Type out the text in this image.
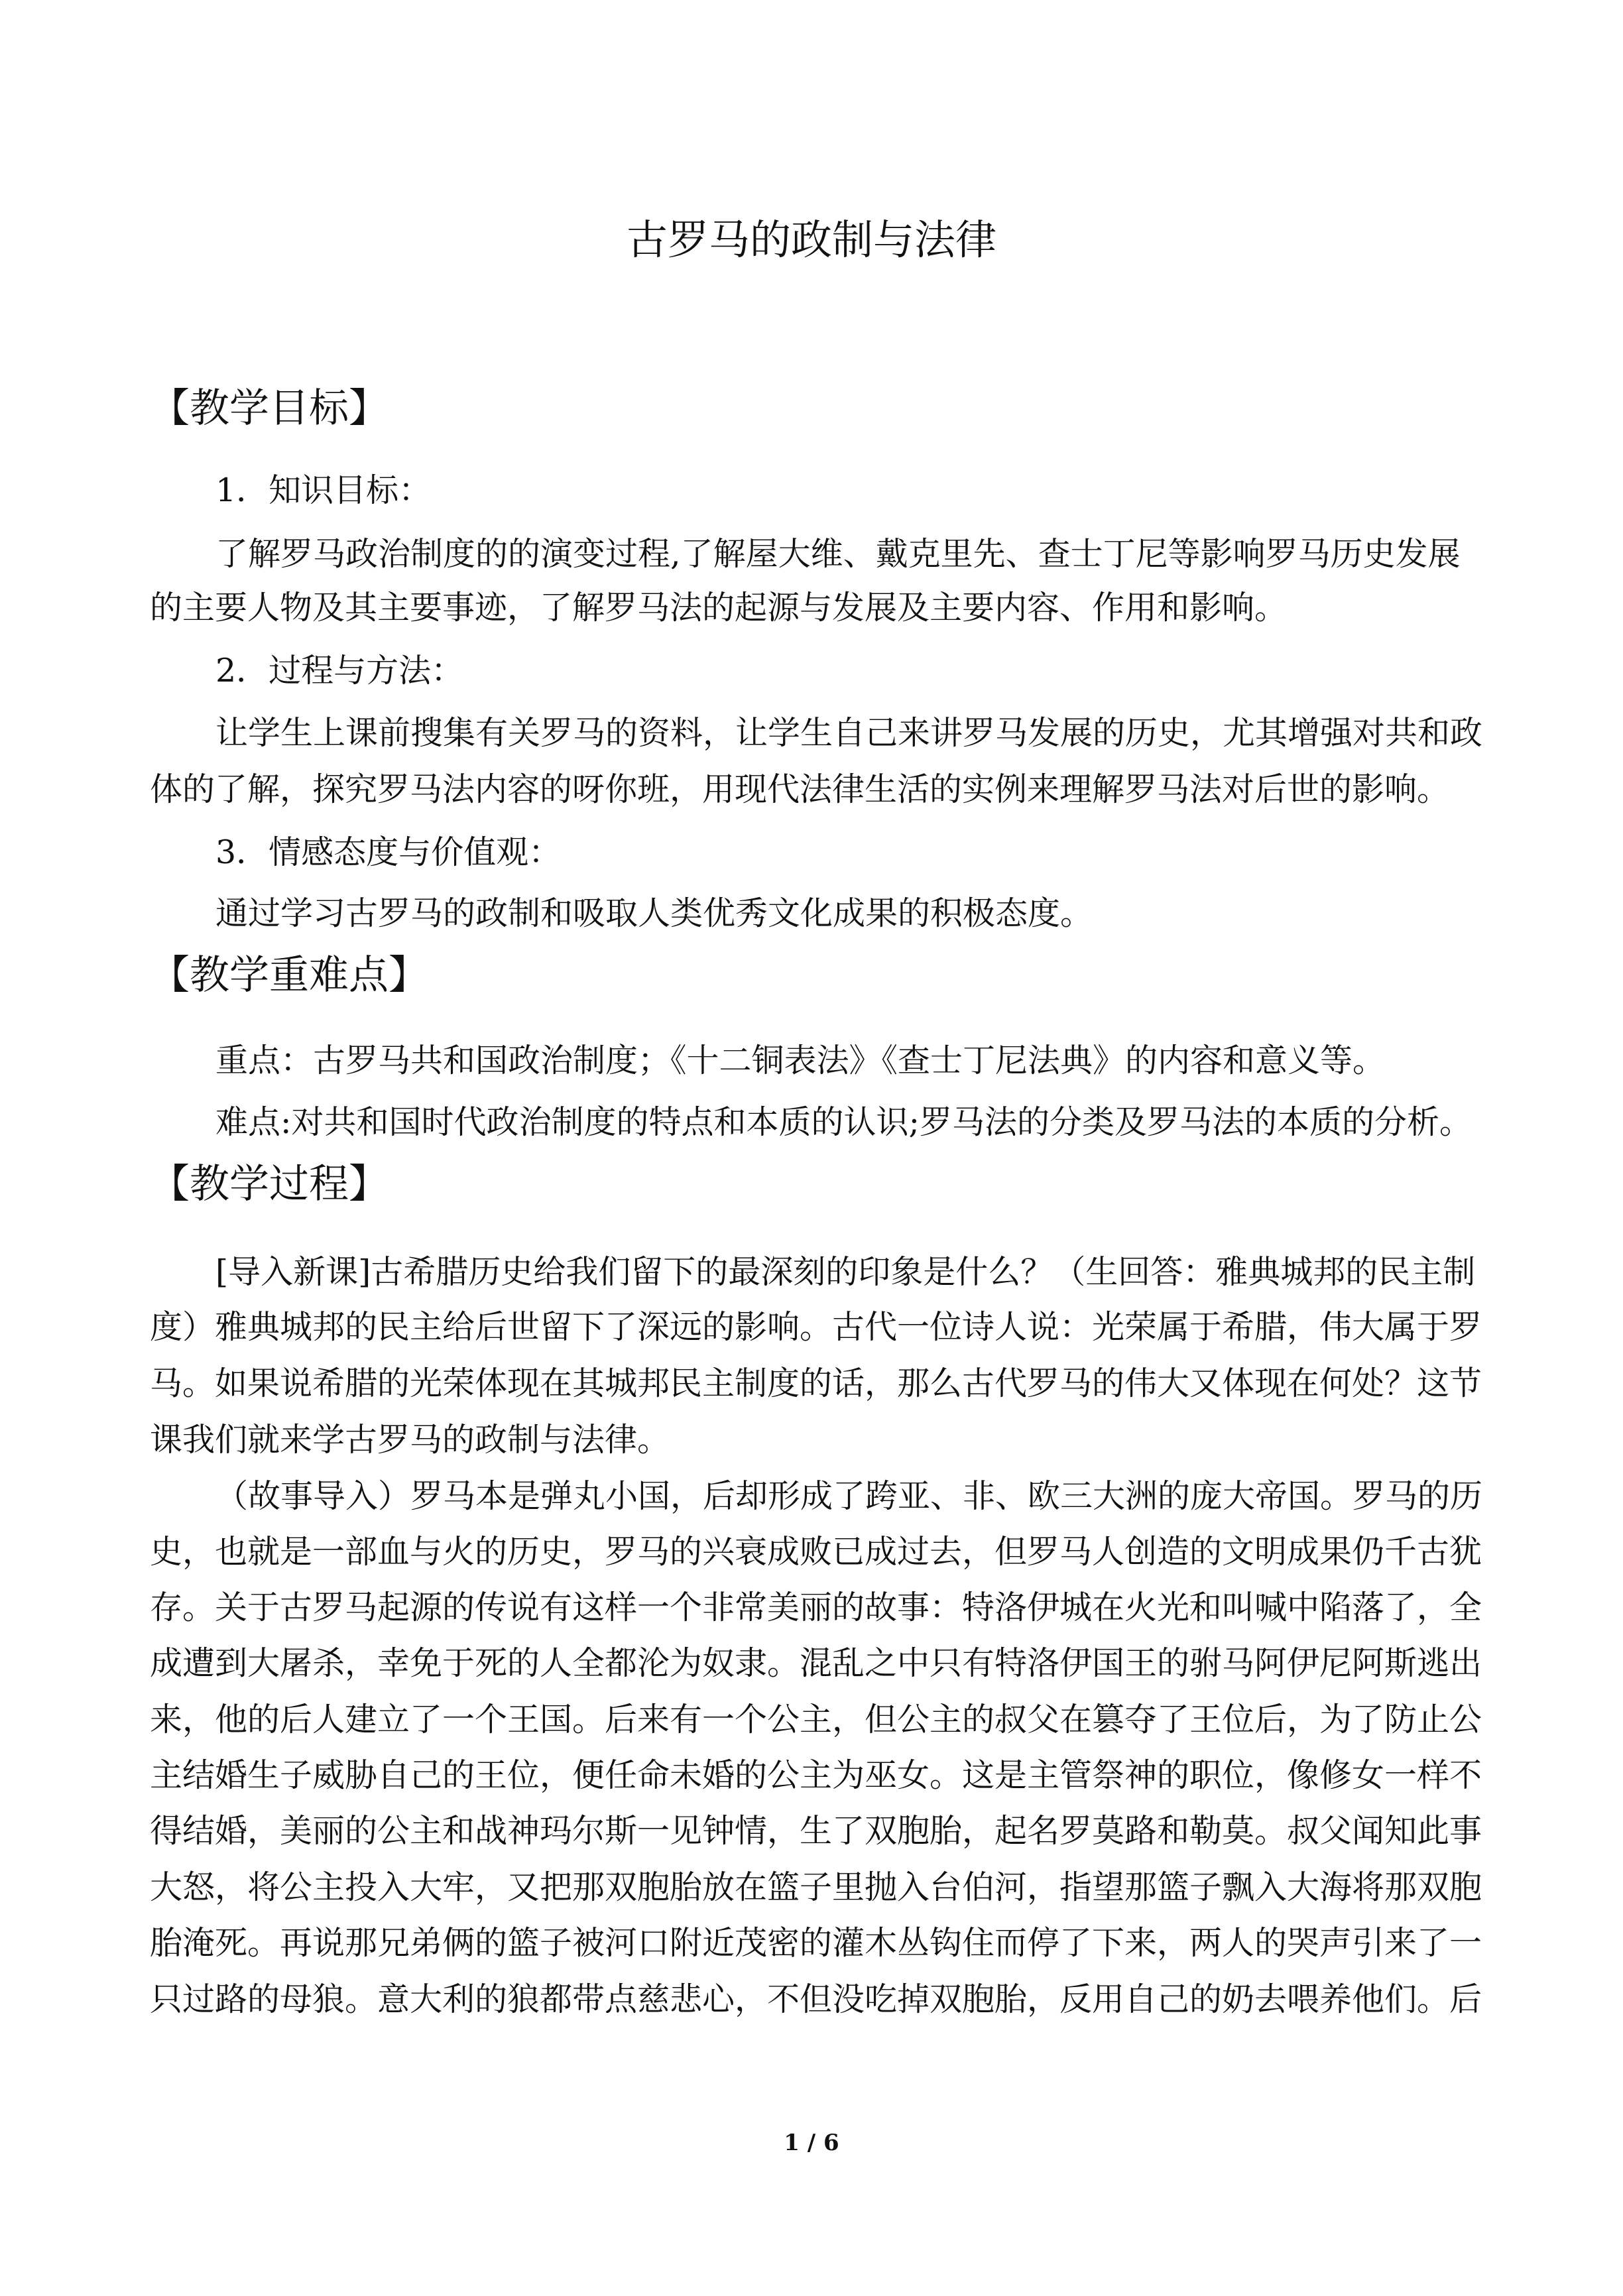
古罗马的政制与法律
【教学目标】
1．知识目标：
了解罗马政治制度的的演变过程,了解屋大维、戴克里先、查士丁尼等影响罗马历史发展
的主要人物及其主要事迹，了解罗马法的起源与发展及主要内容、作用和影响。
2．过程与方法：
让学生上课前搜集有关罗马的资料，让学生自己来讲罗马发展的历史，尤其增强对共和政
体的了解，探究罗马法内容的呀你班，用现代法律生活的实例来理解罗马法对后世的影响。
3．情感态度与价值观：
通过学习古罗马的政制和吸取人类优秀文化成果的积极态度。
【教学重难点】
重点：古罗马共和国政治制度；《十二铜表法》《查士丁尼法典》的内容和意义等。
难点:对共和国时代政治制度的特点和本质的认识;罗马法的分类及罗马法的本质的分析。
【教学过程】
[导入新课]古希腊历史给我们留下的最深刻的印象是什么？（生回答：雅典城邦的民主制
度）雅典城邦的民主给后世留下了深远的影响。古代一位诗人说：光荣属于希腊，伟大属于罗
马。如果说希腊的光荣体现在其城邦民主制度的话，那么古代罗马的伟大又体现在何处？这节
课我们就来学古罗马的政制与法律。
（故事导入）罗马本是弹丸小国，后却形成了跨亚、非、欧三大洲的庞大帝国。罗马的历
史，也就是一部血与火的历史，罗马的兴衰成败已成过去，但罗马人创造的文明成果仍千古犹
存。关于古罗马起源的传说有这样一个非常美丽的故事：特洛伊城在火光和叫喊中陷落了，全
成遭到大屠杀，幸免于死的人全都沦为奴隶。混乱之中只有特洛伊国王的驸马阿伊尼阿斯逃出
来，他的后人建立了一个王国。后来有一个公主，但公主的叔父在篡夺了王位后，为了防止公
主结婚生子威胁自己的王位，便任命未婚的公主为巫女。这是主管祭神的职位，像修女一样不
得结婚，美丽的公主和战神玛尔斯一见钟情，生了双胞胎，起名罗莫路和勒莫。叔父闻知此事
大怒，将公主投入大牢，又把那双胞胎放在篮子里抛入台伯河，指望那篮子飘入大海将那双胞
胎淹死。再说那兄弟俩的篮子被河口附近茂密的灌木丛钩住而停了下来，两人的哭声引来了一
只过路的母狼。意大利的狼都带点慈悲心，不但没吃掉双胞胎，反用自己的奶去喂养他们。后
1 / 6
